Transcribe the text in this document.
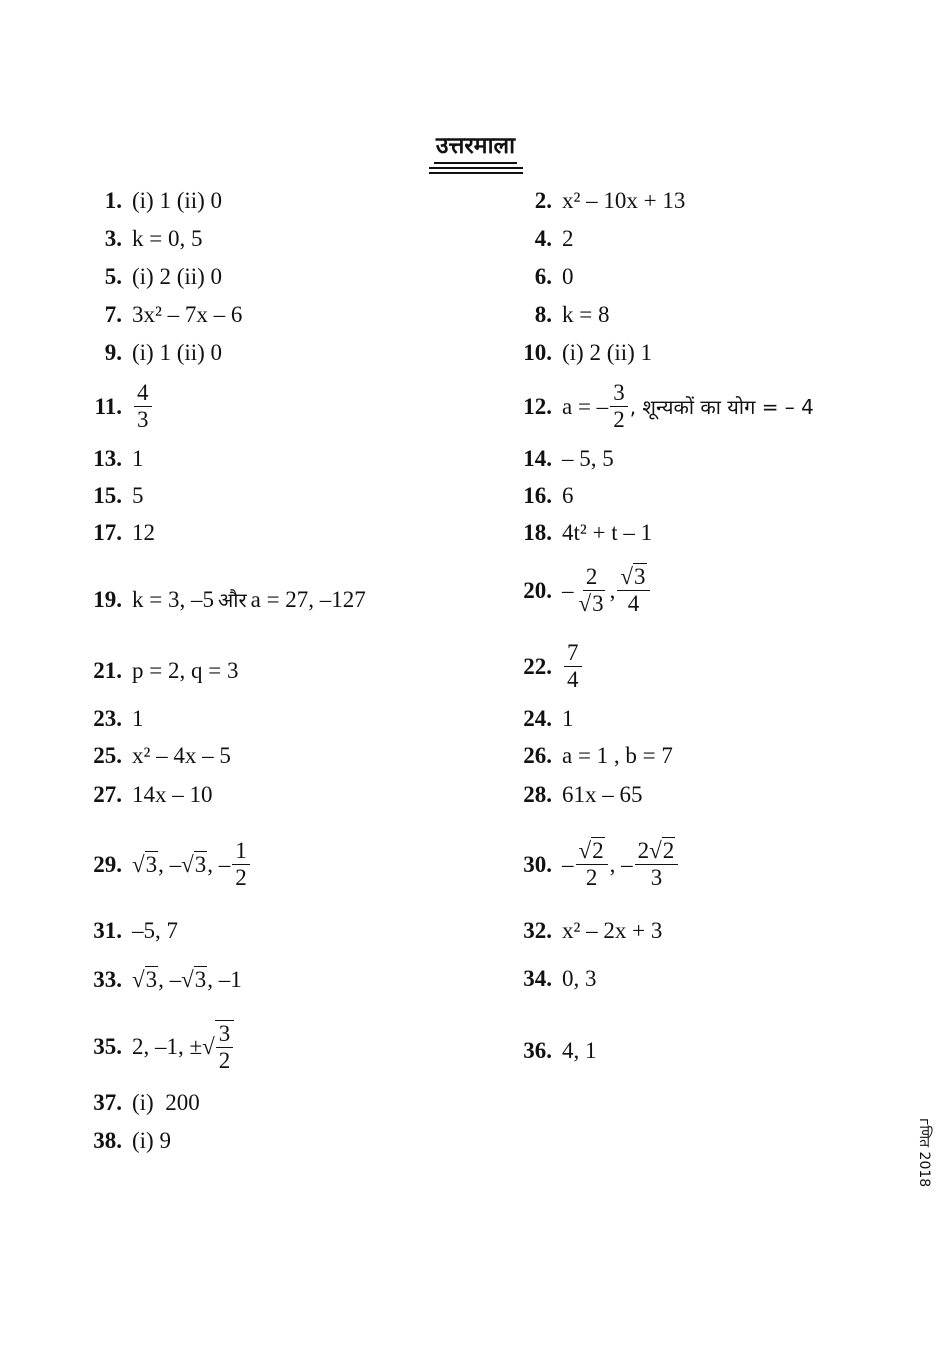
उत्तरमाला
1. (i) 1 (ii) 0	2. x² – 10x + 13
3. k = 0, 5	4. 2
5. (i) 2 (ii) 0	6. 0
7. 3x² – 7x – 6	8. k = 8
9. (i) 1 (ii) 0	10. (i) 2 (ii) 1
11. $\frac{4}{3}$	12. a = – $\frac{3}{2}$ , शून्यकों का योग = – 4
13. 1	14. – 5, 5
15. 5	16. 6
17. 12	18. 4t² + t – 1
19. k = 3, –5 और a = 27, –127	20. – $\frac{2}{√3}$ , $\frac{√3}{4}$
21. p = 2, q = 3	22. $\frac{7}{4}$
23. 1	24. 1
25. x² – 4x – 5	26. a = 1 , b = 7
27. 14x – 10	28. 61x – 65
29. √ 3 , – √ 3 , – $\frac{1}{2}$	30. – $\frac{√2}{2}$ , – $\frac{2√2}{3}$
31. –5, 7	32. x² – 2x + 3
33. √ 3 , – √ 3 , –1	34. 0, 3
35. 2, –1, ± √ $\frac{3}{2}$	36. 4, 1
37. (i)  200
38. (i) 9	гणित 2018
